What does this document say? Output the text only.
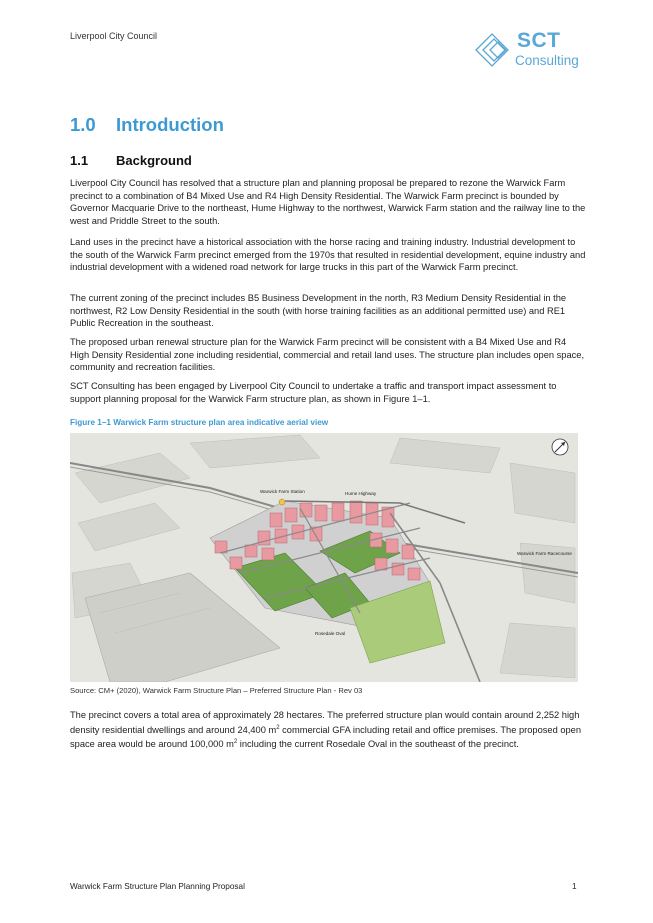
Liverpool City Council	SCT
Consulting
1.0 Introduction
1.1 Background

Liverpool City Council has resolved that a structure plan and planning proposal be prepared to rezone the Warwick Farm precinct to a combination of B4 Mixed Use and R4 High Density Residential. The Warwick Farm precinct is bounded by Governor Macquarie Drive to the northeast, Hume Highway to the northwest, Warwick Farm station and the railway line to the west and Priddle Street to the south.

Land uses in the precinct have a historical association with the horse racing and training industry. Industrial development to the south of the Warwick Farm precinct emerged from the 1970s that resulted in residential development, equine industry and industrial development with a widened road network for large trucks in this part of the Warwick Farm precinct.

The current zoning of the precinct includes B5 Business Development in the north, R3 Medium Density Residential in the northwest, R2 Low Density Residential in the south (with horse training facilities as an additional permitted use) and RE1 Public Recreation in the southeast.

The proposed urban renewal structure plan for the Warwick Farm precinct will be consistent with a B4 Mixed Use and R4 High Density Residential zone including residential, commercial and retail land uses. The structure plan includes open space, community and recreation facilities.

SCT Consulting has been engaged by Liverpool City Council to undertake a traffic and transport impact assessment to support planning proposal for the Warwick Farm structure plan, as shown in Figure 1–1.

Figure 1–1 Warwick Farm structure plan area indicative aerial view
Warwick Farm Station	Hume Highway
Warwick Farm Racecourse
Rosedale Oval
Source: CM+ (2020), Warwick Farm Structure Plan – Preferred Structure Plan - Rev 03

The precinct covers a total area of approximately 28 hectares. The preferred structure plan would contain around 2,252 high density residential dwellings and around 24,400 $m^2$ commercial GFA including retail and office premises. The proposed open space area would be around 100,000 $m^2$ including the current Rosedale Oval in the southeast of the precinct.

Warwick Farm Structure Plan Planning Proposal	1
